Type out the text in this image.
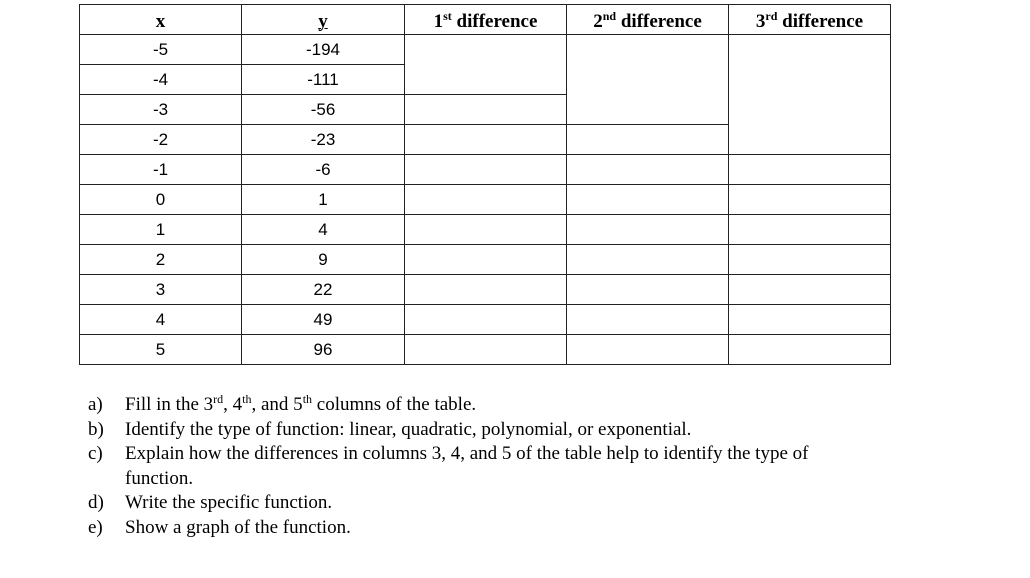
x	y	1st difference	2nd difference	3rd difference
-5	-194			
-4	-111			
-3	-56			
-2	-23			
-1	-6			
0	1			
1	4			
2	9			
3	22			
4	49			
5	96			
a)	Fill in the 3rd, 4th, and 5th columns of the table.
b)	Identify the type of function: linear, quadratic, polynomial, or exponential.
c)	Explain how the differences in columns 3, 4, and 5 of the table help to identify the type of function.
d)	Write the specific function.
e)	Show a graph of the function.
